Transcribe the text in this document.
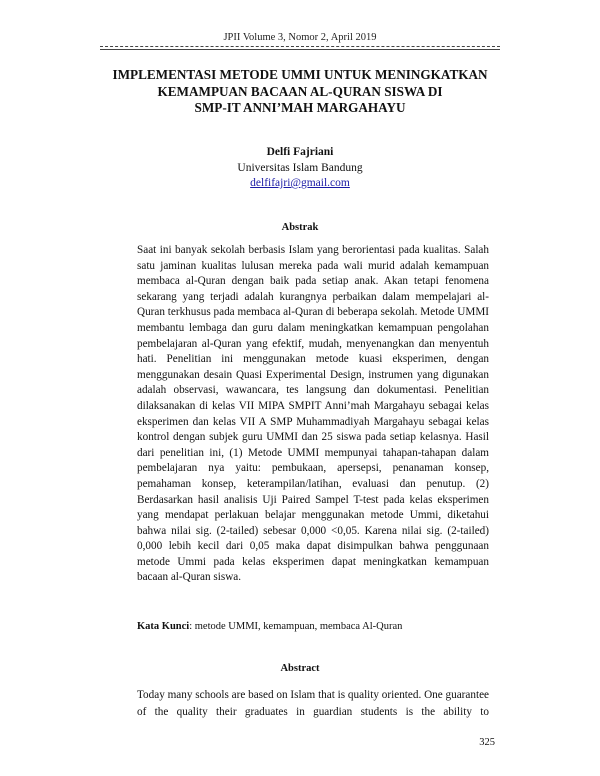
JPII Volume 3, Nomor 2, April 2019
IMPLEMENTASI METODE UMMI UNTUK MENINGKATKAN
KEMAMPUAN BACAAN AL-QURAN SISWA DI
SMP-IT ANNI’MAH MARGAHAYU
Delfi Fajriani
Universitas Islam Bandung
delfifajri@gmail.com
Abstrak
Saat ini banyak sekolah berbasis Islam yang berorientasi pada kualitas. Salah satu jaminan kualitas lulusan mereka pada wali murid adalah kemampuan membaca al-Quran dengan baik pada setiap anak. Akan tetapi fenomena sekarang yang terjadi adalah kurangnya perbaikan dalam mempelajari al-Quran terkhusus pada membaca al-Quran di beberapa sekolah. Metode UMMI membantu lembaga dan guru dalam meningkatkan kemampuan pengolahan pembelajaran al-Quran yang efektif, mudah, menyenangkan dan menyentuh hati. Penelitian ini menggunakan metode kuasi eksperimen, dengan menggunakan desain Quasi Experimental Design, instrumen yang digunakan adalah observasi, wawancara, tes langsung dan dokumentasi. Penelitian dilaksanakan di kelas VII MIPA SMPIT Anni’mah Margahayu sebagai kelas eksperimen dan kelas VII A SMP Muhammadiyah Margahayu sebagai kelas kontrol dengan subjek guru UMMI dan 25 siswa pada setiap kelasnya. Hasil dari penelitian ini, (1) Metode UMMI mempunyai tahapan-tahapan dalam pembelajaran nya yaitu: pembukaan, apersepsi, penanaman konsep, pemahaman konsep, keterampilan/latihan, evaluasi dan penutup. (2) Berdasarkan hasil analisis Uji Paired Sampel T-test pada kelas eksperimen yang mendapat perlakuan belajar menggunakan metode Ummi, diketahui bahwa nilai sig. (2-tailed) sebesar 0,000 <0,05. Karena nilai sig. (2-tailed) 0,000 lebih kecil dari 0,05 maka dapat disimpulkan bahwa penggunaan metode Ummi pada kelas eksperimen dapat meningkatkan kemampuan bacaan al-Quran siswa.
Kata Kunci: metode UMMI, kemampuan, membaca Al-Quran
Abstract
Today many schools are based on Islam that is quality oriented. One guarantee of the quality their graduates in guardian students is the ability to
325
